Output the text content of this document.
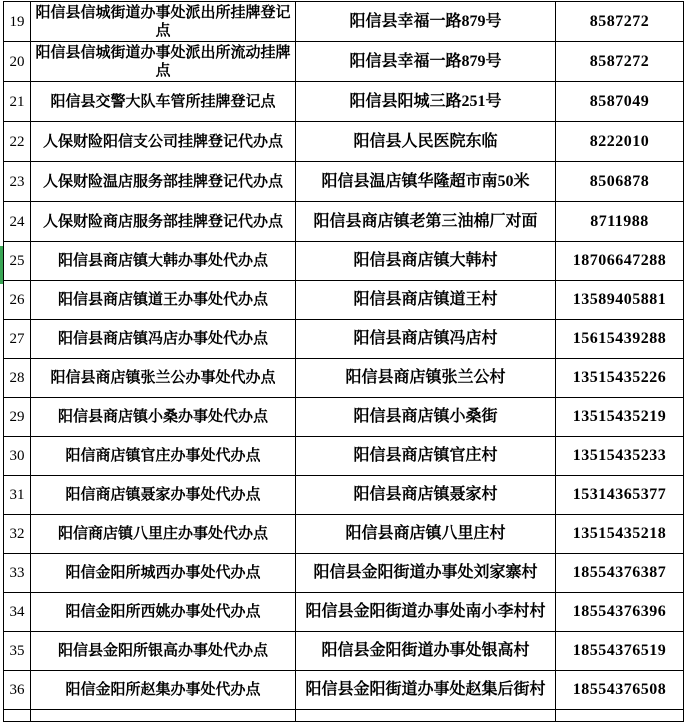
19	阳信县信城街道办事处派出所挂牌登记点	阳信县幸福一路879号	8587272
20	阳信县信城街道办事处派出所流动挂牌点	阳信县幸福一路879号	8587272
21	阳信县交警大队车管所挂牌登记点	阳信县阳城三路251号	8587049
22	人保财险阳信支公司挂牌登记代办点	阳信县人民医院东临	8222010
23	人保财险温店服务部挂牌登记代办点	阳信县温店镇华隆超市南50米	8506878
24	人保财险商店服务部挂牌登记代办点	阳信县商店镇老第三油棉厂对面	8711988
25	阳信县商店镇大韩办事处代办点	阳信县商店镇大韩村	18706647288
26	阳信县商店镇道王办事处代办点	阳信县商店镇道王村	13589405881
27	阳信县商店镇冯店办事处代办点	阳信县商店镇冯店村	15615439288
28	阳信县商店镇张兰公办事处代办点	阳信县商店镇张兰公村	13515435226
29	阳信县商店镇小桑办事处代办点	阳信县商店镇小桑街	13515435219
30	阳信商店镇官庄办事处代办点	阳信县商店镇官庄村	13515435233
31	阳信商店镇聂家办事处代办点	阳信县商店镇聂家村	15314365377
32	阳信商店镇八里庄办事处代办点	阳信县商店镇八里庄村	13515435218
33	阳信金阳所城西办事处代办点	阳信县金阳街道办事处刘家寨村	18554376387
34	阳信金阳所西姚办事处代办点	阳信县金阳街道办事处南小李村村	18554376396
35	阳信县金阳所银高办事处代办点	阳信县金阳街道办事处银高村	18554376519
36	阳信金阳所赵集办事处代办点	阳信县金阳街道办事处赵集后街村	18554376508
